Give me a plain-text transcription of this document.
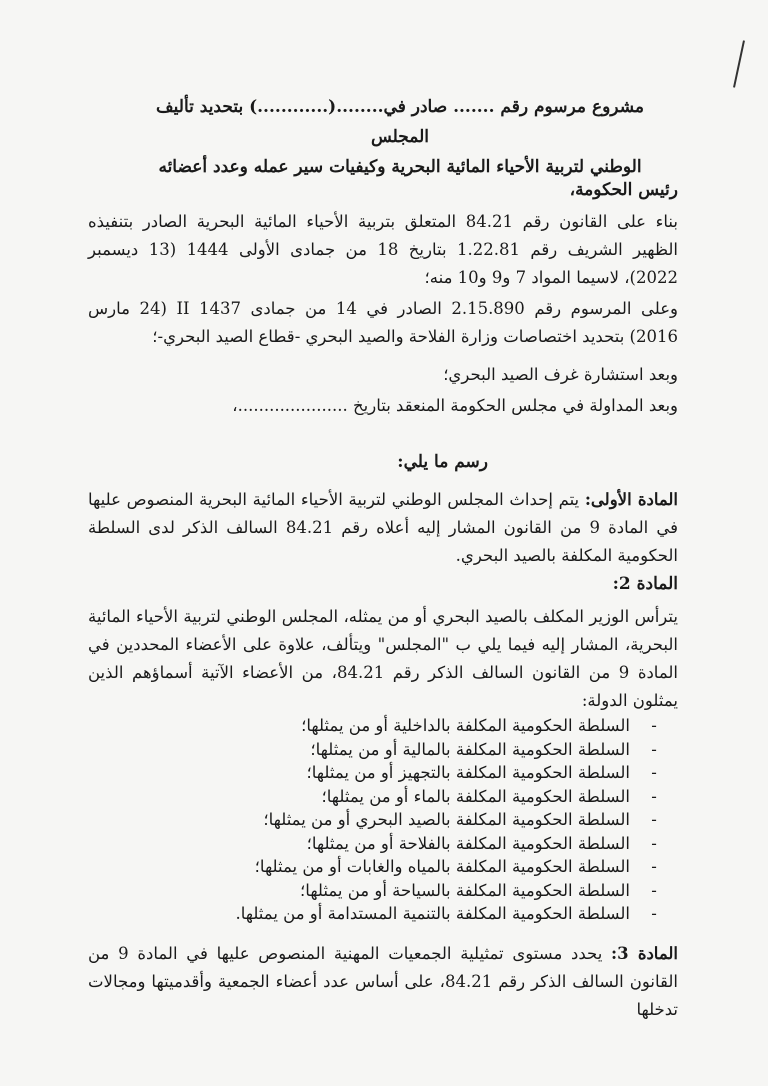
مشروع مرسوم رقم ....... صادر في........(............) بتحديد تأليف المجلس

الوطني لتربية الأحياء المائية البحرية وكيفيات سير عمله وعدد أعضائه

رئيس الحكومة،

بناء على القانون رقم 84.21 المتعلق بتربية الأحياء المائية البحرية الصادر بتنفيذه الظهير الشريف رقم 1.22.81 بتاريخ 18 من جمادى الأولى 1444 (13 ديسمبر 2022)، لاسيما المواد 7 و9 و10 منه؛

وعلى المرسوم رقم 2.15.890 الصادر في 14 من جمادى II 1437 (24 مارس 2016) بتحديد اختصاصات وزارة الفلاحة والصيد البحري -قطاع الصيد البحري-؛

وبعد استشارة غرف الصيد البحري؛

وبعد المداولة في مجلس الحكومة المنعقد بتاريخ .....................،

رسم ما يلي:

المادة الأولى: يتم إحداث المجلس الوطني لتربية الأحياء المائية البحرية المنصوص عليها في المادة 9 من القانون المشار إليه أعلاه رقم 84.21 السالف الذكر لدى السلطة الحكومية المكلفة بالصيد البحري.

المادة 2:

يترأس الوزير المكلف بالصيد البحري أو من يمثله، المجلس الوطني لتربية الأحياء المائية البحرية، المشار إليه فيما يلي ب "المجلس" ويتألف، علاوة على الأعضاء المحددين في المادة 9 من القانون السالف الذكر رقم 84.21، من الأعضاء الآتية أسماؤهم الذين يمثلون الدولة:

-
السلطة الحكومية المكلفة بالداخلية أو من يمثلها؛
-
السلطة الحكومية المكلفة بالمالية أو من يمثلها؛
-
السلطة الحكومية المكلفة بالتجهيز أو من يمثلها؛
-
السلطة الحكومية المكلفة بالماء أو من يمثلها؛
-
السلطة الحكومية المكلفة بالصيد البحري أو من يمثلها؛
-
السلطة الحكومية المكلفة بالفلاحة أو من يمثلها؛
-
السلطة الحكومية المكلفة بالمياه والغابات أو من يمثلها؛
-
السلطة الحكومية المكلفة بالسياحة أو من يمثلها؛
-
السلطة الحكومية المكلفة بالتنمية المستدامة أو من يمثلها.

المادة 3: يحدد مستوى تمثيلية الجمعيات المهنية المنصوص عليها في المادة 9 من القانون السالف الذكر رقم 84.21، على أساس عدد أعضاء الجمعية وأقدميتها ومجالات تدخلها
